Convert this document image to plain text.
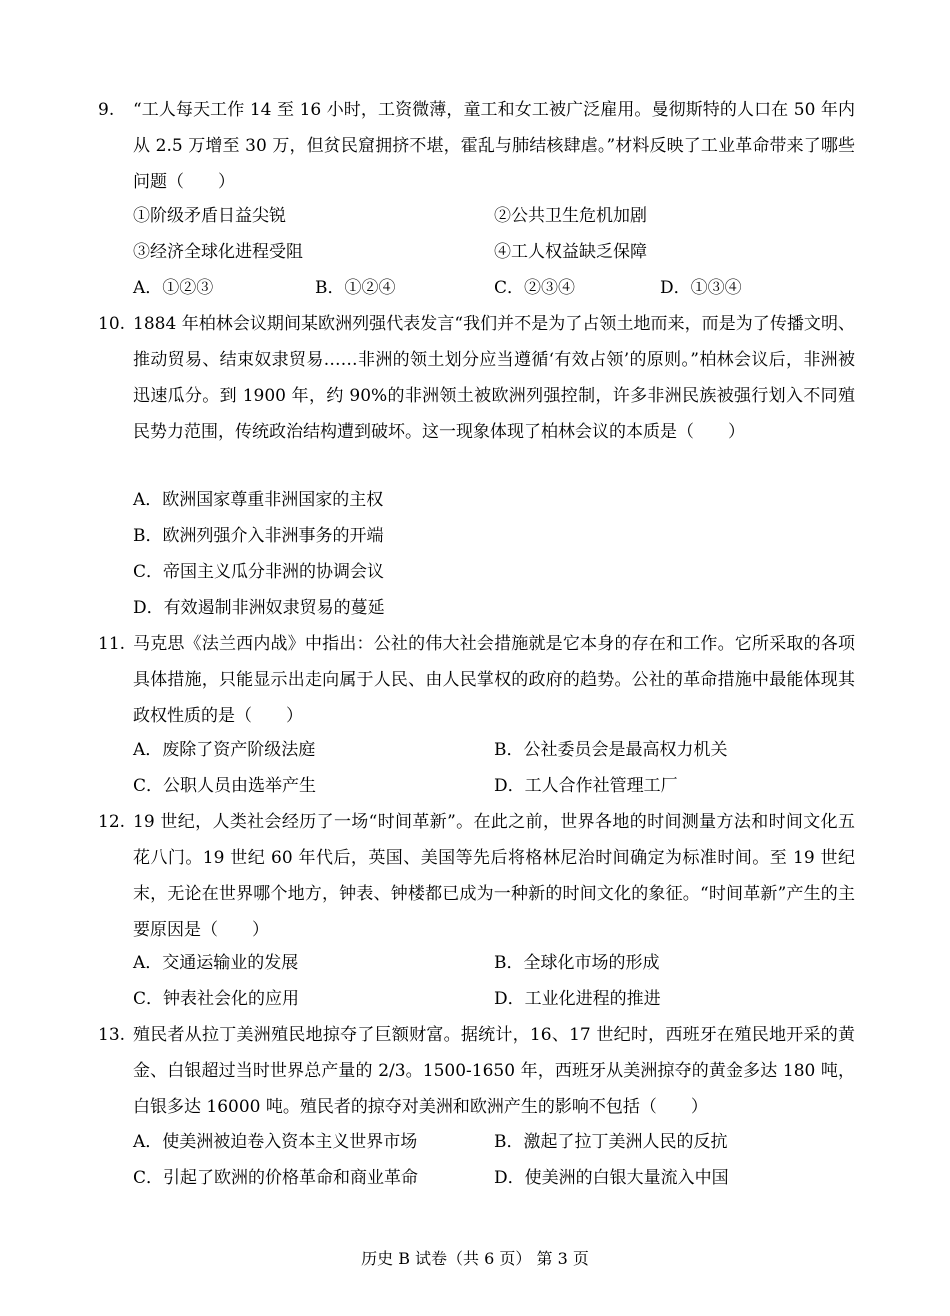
9. “工人每天工作 14 至 16 小时，工资微薄，童工和女工被广泛雇用。曼彻斯特的人口在 50 年内从 2.5 万增至 30 万，但贫民窟拥挤不堪，霍乱与肺结核肆虐。”材料反映了工业革命带来了哪些问题（　　）
①阶级矛盾日益尖锐	②公共卫生危机加剧
③经济全球化进程受阻	④工人权益缺乏保障
A．①②③	B．①②④	C．②③④	D．①③④
10. 1884 年柏林会议期间某欧洲列强代表发言“我们并不是为了占领土地而来，而是为了传播文明、推动贸易、结束奴隶贸易……非洲的领土划分应当遵循‘有效占领’的原则。”柏林会议后，非洲被迅速瓜分。到 1900 年，约 90%的非洲领土被欧洲列强控制，许多非洲民族被强行划入不同殖民势力范围，传统政治结构遭到破坏。这一现象体现了柏林会议的本质是（　　）
A．欧洲国家尊重非洲国家的主权
B．欧洲列强介入非洲事务的开端
C．帝国主义瓜分非洲的协调会议
D．有效遏制非洲奴隶贸易的蔓延
11. 马克思《法兰西内战》中指出：公社的伟大社会措施就是它本身的存在和工作。它所采取的各项具体措施，只能显示出走向属于人民、由人民掌权的政府的趋势。公社的革命措施中最能体现其政权性质的是（　　）
A．废除了资产阶级法庭	B．公社委员会是最高权力机关
C．公职人员由选举产生	D．工人合作社管理工厂
12. 19 世纪，人类社会经历了一场“时间革新”。在此之前，世界各地的时间测量方法和时间文化五花八门。19 世纪 60 年代后，英国、美国等先后将格林尼治时间确定为标准时间。至 19 世纪末，无论在世界哪个地方，钟表、钟楼都已成为一种新的时间文化的象征。“时间革新”产生的主要原因是（　　）
A．交通运输业的发展	B．全球化市场的形成
C．钟表社会化的应用	D．工业化进程的推进
13. 殖民者从拉丁美洲殖民地掠夺了巨额财富。据统计，16、17 世纪时，西班牙在殖民地开采的黄金、白银超过当时世界总产量的 2/3。1500-1650 年，西班牙从美洲掠夺的黄金多达 180 吨，白银多达 16000 吨。殖民者的掠夺对美洲和欧洲产生的影响不包括（　　）
A．使美洲被迫卷入资本主义世界市场	B．激起了拉丁美洲人民的反抗
C．引起了欧洲的价格革命和商业革命	D．使美洲的白银大量流入中国
历史 B 试卷（共 6 页） 第 3 页
